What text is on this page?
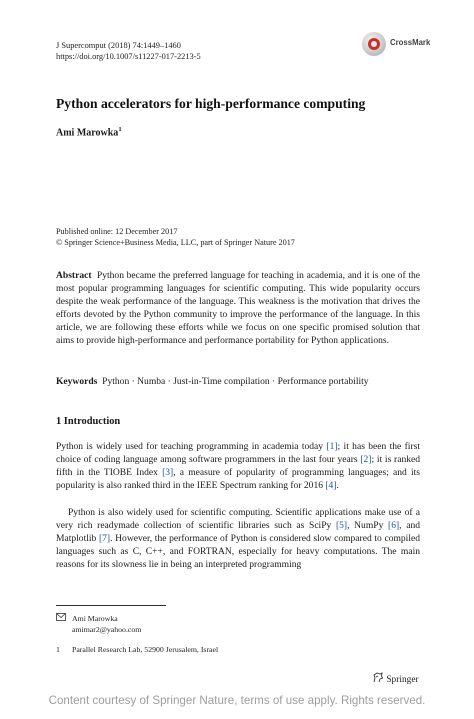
J Supercomput (2018) 74:1449–1460
https://doi.org/10.1007/s11227-017-2213-5
CrossMark
Python accelerators for high-performance computing
Ami Marowka$^1$
Published online: 12 December 2017
© Springer Science+Business Media, LLC, part of Springer Nature 2017

Abstract Python became the preferred language for teaching in academia, and it is one of the most popular programming languages for scientific computing. This wide popularity occurs despite the weak performance of the language. This weakness is the motivation that drives the efforts devoted by the Python community to improve the performance of the language. In this article, we are following these efforts while we focus on one specific promised solution that aims to provide high-performance and performance portability for Python applications.

Keywords Python · Numba · Just-in-Time compilation · Performance portability

1 Introduction

Python is widely used for teaching programming in academia today [1]; it has been the first choice of coding language among software programmers in the last four years [2]; it is ranked fifth in the TIOBE Index [3], a measure of popularity of programming languages; and its popularity is also ranked third in the IEEE Spectrum ranking for 2016 [4].

Python is also widely used for scientific computing. Scientific applications make use of a very rich readymade collection of scientific libraries such as SciPy [5], NumPy [6], and Matplotlib [7]. However, the performance of Python is considered slow compared to compiled languages such as C, C++, and FORTRAN, especially for heavy computations. The main reasons for its slowness lie in being an interpreted programming

Ami Marowka
amimar2@yahoo.com
1 Parallel Research Lab, 52900 Jerusalem, Israel
Springer
Content courtesy of Springer Nature, terms of use apply. Rights reserved.
